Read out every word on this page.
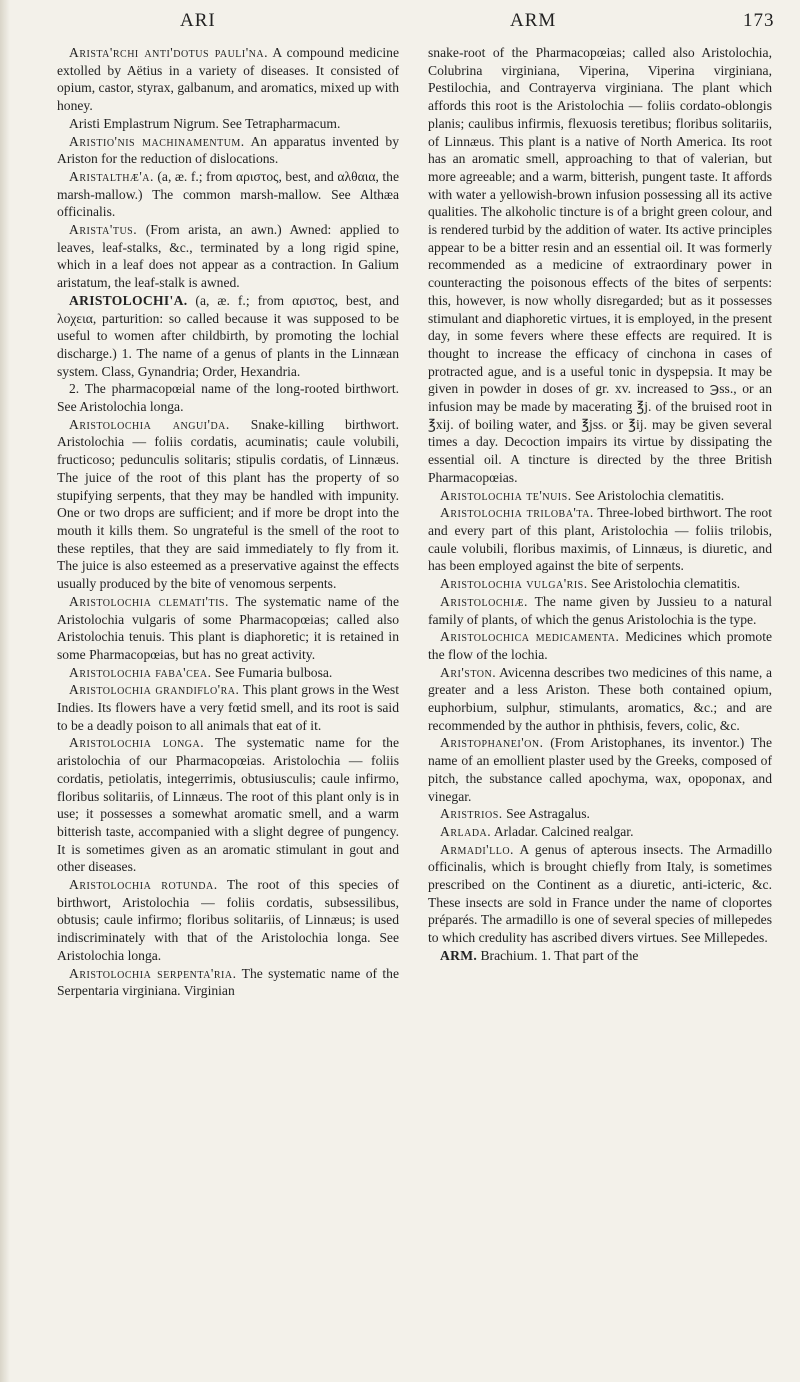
ARI	ARM	173

Arista'rchi anti'dotus pauli'na. A compound medicine extolled by Aëtius in a variety of diseases. It consisted of opium, castor, styrax, galbanum, and aromatics, mixed up with honey.

Aristi Emplastrum Nigrum. See Tetrapharmacum.

Aristio'nis machinamentum. An apparatus invented by Ariston for the reduction of dislocations.

Aristalthæ'a. (a, æ. f.; from αριστος, best, and αλθαια, the marsh-mallow.) The common marsh-mallow. See Althæa officinalis.

Arista'tus. (From arista, an awn.) Awned: applied to leaves, leaf-stalks, &c., terminated by a long rigid spine, which in a leaf does not appear as a contraction. In Galium aristatum, the leaf-stalk is awned.

ARISTOLOCHI'A. (a, æ. f.; from αριστος, best, and λοχεια, parturition: so called because it was supposed to be useful to women after childbirth, by promoting the lochial discharge.) 1. The name of a genus of plants in the Linnæan system. Class, Gynandria; Order, Hexandria.

2. The pharmacopœial name of the long-rooted birthwort. See Aristolochia longa.

Aristolochia angui'da. Snake-killing birthwort. Aristolochia — foliis cordatis, acuminatis; caule volubili, fructicoso; pedunculis solitaris; stipulis cordatis, of Linnæus. The juice of the root of this plant has the property of so stupifying serpents, that they may be handled with impunity. One or two drops are sufficient; and if more be dropt into the mouth it kills them. So ungrateful is the smell of the root to these reptiles, that they are said immediately to fly from it. The juice is also esteemed as a preservative against the effects usually produced by the bite of venomous serpents.

Aristolochia clemati'tis. The systematic name of the Aristolochia vulgaris of some Pharmacopœias; called also Aristolochia tenuis. This plant is diaphoretic; it is retained in some Pharmacopœias, but has no great activity.

Aristolochia faba'cea. See Fumaria bulbosa.

Aristolochia grandiflo'ra. This plant grows in the West Indies. Its flowers have a very fœtid smell, and its root is said to be a deadly poison to all animals that eat of it.

Aristolochia longa. The systematic name for the aristolochia of our Pharmacopœias. Aristolochia — foliis cordatis, petiolatis, integerrimis, obtusiusculis; caule infirmo, floribus solitariis, of Linnæus. The root of this plant only is in use; it possesses a somewhat aromatic smell, and a warm bitterish taste, accompanied with a slight degree of pungency. It is sometimes given as an aromatic stimulant in gout and other diseases.

Aristolochia rotunda. The root of this species of birthwort, Aristolochia — foliis cordatis, subsessilibus, obtusis; caule infirmo; floribus solitariis, of Linnæus; is used indiscriminately with that of the Aristolochia longa. See Aristolochia longa.

Aristolochia serpenta'ria. The systematic name of the Serpentaria virginiana. Virginian

snake-root of the Pharmacopœias; called also Aristolochia, Colubrina virginiana, Viperina, Viperina virginiana, Pestilochia, and Contrayerva virginiana. The plant which affords this root is the Aristolochia — foliis cordato-oblongis planis; caulibus infirmis, flexuosis teretibus; floribus solitariis, of Linnæus. This plant is a native of North America. Its root has an aromatic smell, approaching to that of valerian, but more agreeable; and a warm, bitterish, pungent taste. It affords with water a yellowish-brown infusion possessing all its active qualities. The alkoholic tincture is of a bright green colour, and is rendered turbid by the addition of water. Its active principles appear to be a bitter resin and an essential oil. It was formerly recommended as a medicine of extraordinary power in counteracting the poisonous effects of the bites of serpents: this, however, is now wholly disregarded; but as it possesses stimulant and diaphoretic virtues, it is employed, in the present day, in some fevers where these effects are required. It is thought to increase the efficacy of cinchona in cases of protracted ague, and is a useful tonic in dyspepsia. It may be given in powder in doses of gr. xv. increased to ℈ss., or an infusion may be made by macerating ℥j. of the bruised root in ℥xij. of boiling water, and ℥jss. or ℥ij. may be given several times a day. Decoction impairs its virtue by dissipating the essential oil. A tincture is directed by the three British Pharmacopœias.

Aristolochia te'nuis. See Aristolochia clematitis.

Aristolochia triloba'ta. Three-lobed birthwort. The root and every part of this plant, Aristolochia — foliis trilobis, caule volubili, floribus maximis, of Linnæus, is diuretic, and has been employed against the bite of serpents.

Aristolochia vulga'ris. See Aristolochia clematitis.

Aristolochiæ. The name given by Jussieu to a natural family of plants, of which the genus Aristolochia is the type.

Aristolochica medicamenta. Medicines which promote the flow of the lochia.

Ari'ston. Avicenna describes two medicines of this name, a greater and a less Ariston. These both contained opium, euphorbium, sulphur, stimulants, aromatics, &c.; and are recommended by the author in phthisis, fevers, colic, &c.

Aristophanei'on. (From Aristophanes, its inventor.) The name of an emollient plaster used by the Greeks, composed of pitch, the substance called apochyma, wax, opoponax, and vinegar.

Aristrios. See Astragalus.

Arlada. Arladar. Calcined realgar.

Armadi'llo. A genus of apterous insects. The Armadillo officinalis, which is brought chiefly from Italy, is sometimes prescribed on the Continent as a diuretic, anti-icteric, &c. These insects are sold in France under the name of cloportes préparés. The armadillo is one of several species of millepedes to which credulity has ascribed divers virtues. See Millepedes.

ARM. Brachium. 1. That part of the
